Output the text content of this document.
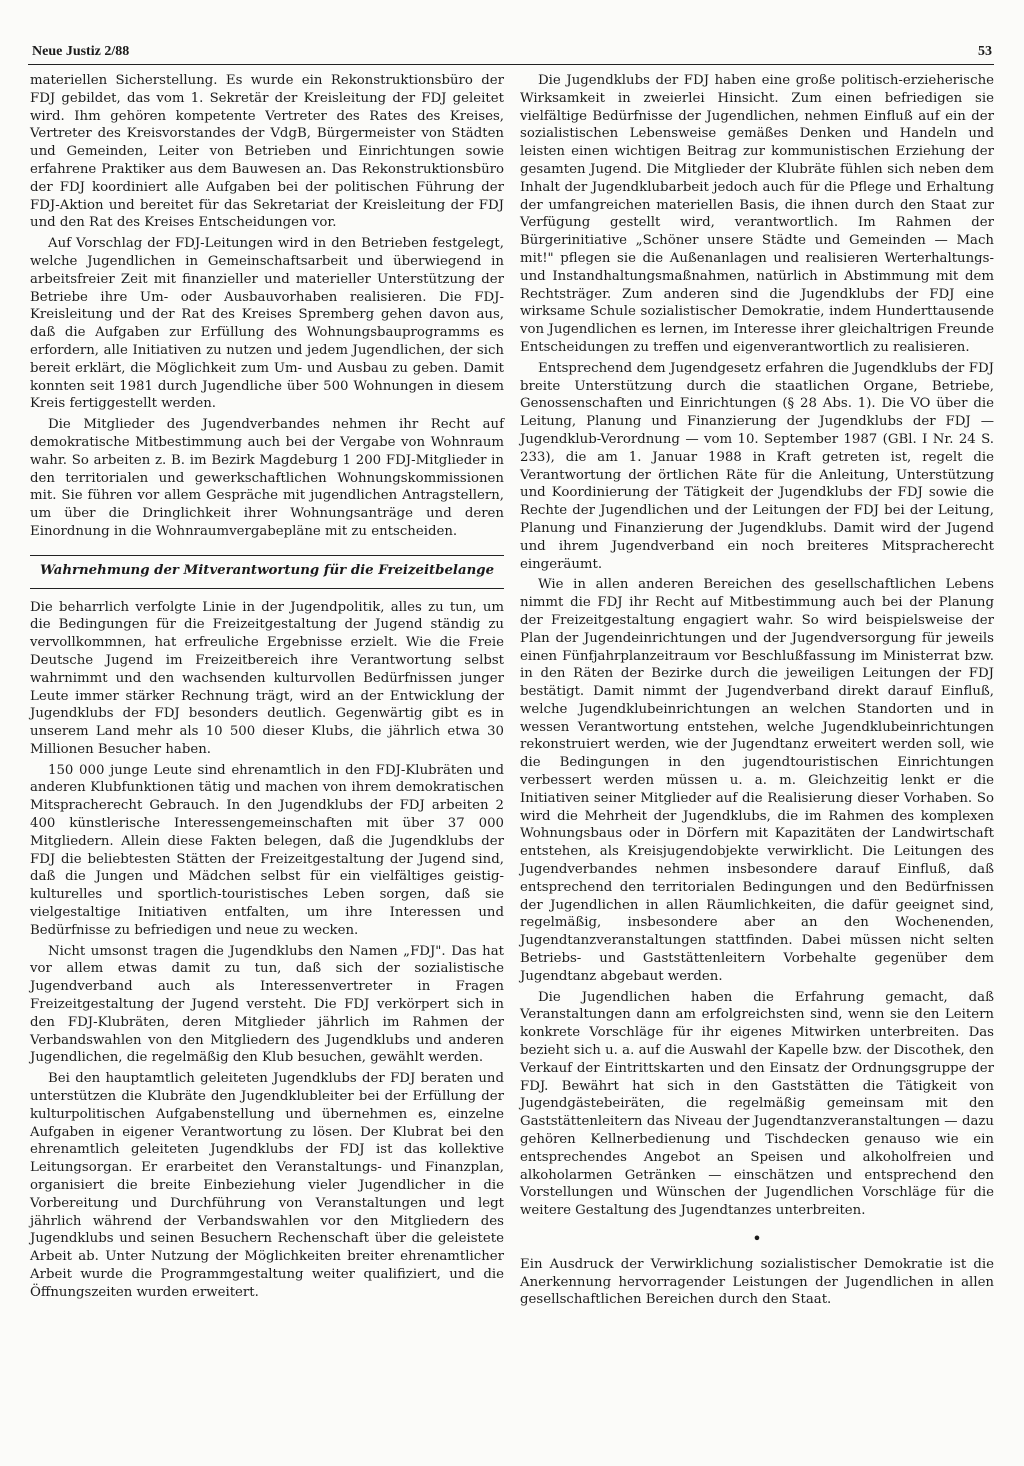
Neue Justiz 2/88	53

materiellen Sicherstellung. Es wurde ein Rekonstruktionsbüro der FDJ gebildet, das vom 1. Sekretär der Kreisleitung der FDJ geleitet wird. Ihm gehören kompetente Vertreter des Rates des Kreises, Vertreter des Kreisvorstandes der VdgB, Bürgermeister von Städten und Gemeinden, Leiter von Betrieben und Einrichtungen sowie erfahrene Praktiker aus dem Bauwesen an. Das Rekonstruktionsbüro der FDJ koordiniert alle Aufgaben bei der politischen Führung der FDJ-Aktion und bereitet für das Sekretariat der Kreisleitung der FDJ und den Rat des Kreises Entscheidungen vor.

Auf Vorschlag der FDJ-Leitungen wird in den Betrieben festgelegt, welche Jugendlichen in Gemeinschaftsarbeit und überwiegend in arbeitsfreier Zeit mit finanzieller und materieller Unterstützung der Betriebe ihre Um- oder Ausbauvorhaben realisieren. Die FDJ-Kreisleitung und der Rat des Kreises Spremberg gehen davon aus, daß die Aufgaben zur Erfüllung des Wohnungsbauprogramms es erfordern, alle Initiativen zu nutzen und jedem Jugendlichen, der sich bereit erklärt, die Möglichkeit zum Um- und Ausbau zu geben. Damit konnten seit 1981 durch Jugendliche über 500 Wohnungen in diesem Kreis fertiggestellt werden.

Die Mitglieder des Jugendverbandes nehmen ihr Recht auf demokratische Mitbestimmung auch bei der Vergabe von Wohnraum wahr. So arbeiten z. B. im Bezirk Magdeburg 1 200 FDJ-Mitglieder in den territorialen und gewerkschaftlichen Wohnungskommissionen mit. Sie führen vor allem Gespräche mit jugendlichen Antragstellern, um über die Dringlichkeit ihrer Wohnungsanträge und deren Einordnung in die Wohnraumvergabepläne mit zu entscheiden.

Wahrnehmung der Mitverantwortung für die Freizeitbelange

Die beharrlich verfolgte Linie in der Jugendpolitik, alles zu tun, um die Bedingungen für die Freizeitgestaltung der Jugend ständig zu vervollkommnen, hat erfreuliche Ergebnisse erzielt. Wie die Freie Deutsche Jugend im Freizeitbereich ihre Verantwortung selbst wahrnimmt und den wachsenden kulturvollen Bedürfnissen junger Leute immer stärker Rechnung trägt, wird an der Entwicklung der Jugendklubs der FDJ besonders deutlich. Gegenwärtig gibt es in unserem Land mehr als 10 500 dieser Klubs, die jährlich etwa 30 Millionen Besucher haben.

150 000 junge Leute sind ehrenamtlich in den FDJ-Klubräten und anderen Klubfunktionen tätig und machen von ihrem demokratischen Mitspracherecht Gebrauch. In den Jugendklubs der FDJ arbeiten 2 400 künstlerische Interessengemeinschaften mit über 37 000 Mitgliedern. Allein diese Fakten belegen, daß die Jugendklubs der FDJ die beliebtesten Stätten der Freizeitgestaltung der Jugend sind, daß die Jungen und Mädchen selbst für ein vielfältiges geistig-kulturelles und sportlich-touristisches Leben sorgen, daß sie vielgestaltige Initiativen entfalten, um ihre Interessen und Bedürfnisse zu befriedigen und neue zu wecken.

Nicht umsonst tragen die Jugendklubs den Namen „FDJ". Das hat vor allem etwas damit zu tun, daß sich der sozialistische Jugendverband auch als Interessenvertreter in Fragen Freizeitgestaltung der Jugend versteht. Die FDJ verkörpert sich in den FDJ-Klubräten, deren Mitglieder jährlich im Rahmen der Verbandswahlen von den Mitgliedern des Jugendklubs und anderen Jugendlichen, die regelmäßig den Klub besuchen, gewählt werden.

Bei den hauptamtlich geleiteten Jugendklubs der FDJ beraten und unterstützen die Klubräte den Jugendklubleiter bei der Erfüllung der kulturpolitischen Aufgabenstellung und übernehmen es, einzelne Aufgaben in eigener Verantwortung zu lösen. Der Klubrat bei den ehrenamtlich geleiteten Jugendklubs der FDJ ist das kollektive Leitungsorgan. Er erarbeitet den Veranstaltungs- und Finanzplan, organisiert die breite Einbeziehung vieler Jugendlicher in die Vorbereitung und Durchführung von Veranstaltungen und legt jährlich während der Verbandswahlen vor den Mitgliedern des Jugendklubs und seinen Besuchern Rechenschaft über die geleistete Arbeit ab. Unter Nutzung der Möglichkeiten breiter ehrenamtlicher Arbeit wurde die Programmgestaltung weiter qualifiziert, und die Öffnungszeiten wurden erweitert.

Die Jugendklubs der FDJ haben eine große politisch-erzieherische Wirksamkeit in zweierlei Hinsicht. Zum einen befriedigen sie vielfältige Bedürfnisse der Jugendlichen, nehmen Einfluß auf ein der sozialistischen Lebensweise gemäßes Denken und Handeln und leisten einen wichtigen Beitrag zur kommunistischen Erziehung der gesamten Jugend. Die Mitglieder der Klubräte fühlen sich neben dem Inhalt der Jugendklubarbeit jedoch auch für die Pflege und Erhaltung der umfangreichen materiellen Basis, die ihnen durch den Staat zur Verfügung gestellt wird, verantwortlich. Im Rahmen der Bürgerinitiative „Schöner unsere Städte und Gemeinden — Mach mit!" pflegen sie die Außenanlagen und realisieren Werterhaltungs- und Instandhaltungsmaßnahmen, natürlich in Abstimmung mit dem Rechtsträger. Zum anderen sind die Jugendklubs der FDJ eine wirksame Schule sozialistischer Demokratie, indem Hunderttausende von Jugendlichen es lernen, im Interesse ihrer gleichaltrigen Freunde Entscheidungen zu treffen und eigenverantwortlich zu realisieren.

Entsprechend dem Jugendgesetz erfahren die Jugendklubs der FDJ breite Unterstützung durch die staatlichen Organe, Betriebe, Genossenschaften und Einrichtungen (§ 28 Abs. 1). Die VO über die Leitung, Planung und Finanzierung der Jugendklubs der FDJ — Jugendklub-Verordnung — vom 10. September 1987 (GBl. I Nr. 24 S. 233), die am 1. Januar 1988 in Kraft getreten ist, regelt die Verantwortung der örtlichen Räte für die Anleitung, Unterstützung und Koordinierung der Tätigkeit der Jugendklubs der FDJ sowie die Rechte der Jugendlichen und der Leitungen der FDJ bei der Leitung, Planung und Finanzierung der Jugendklubs. Damit wird der Jugend und ihrem Jugendverband ein noch breiteres Mitspracherecht eingeräumt.

Wie in allen anderen Bereichen des gesellschaftlichen Lebens nimmt die FDJ ihr Recht auf Mitbestimmung auch bei der Planung der Freizeitgestaltung engagiert wahr. So wird beispielsweise der Plan der Jugendeinrichtungen und der Jugendversorgung für jeweils einen Fünfjahrplanzeitraum vor Beschlußfassung im Ministerrat bzw. in den Räten der Bezirke durch die jeweiligen Leitungen der FDJ bestätigt. Damit nimmt der Jugendverband direkt darauf Einfluß, welche Jugendklubeinrichtungen an welchen Standorten und in wessen Verantwortung entstehen, welche Jugendklubeinrichtungen rekonstruiert werden, wie der Jugendtanz erweitert werden soll, wie die Bedingungen in den jugendtouristischen Einrichtungen verbessert werden müssen u. a. m. Gleichzeitig lenkt er die Initiativen seiner Mitglieder auf die Realisierung dieser Vorhaben. So wird die Mehrheit der Jugendklubs, die im Rahmen des komplexen Wohnungsbaus oder in Dörfern mit Kapazitäten der Landwirtschaft entstehen, als Kreisjugendobjekte verwirklicht. Die Leitungen des Jugendverbandes nehmen insbesondere darauf Einfluß, daß entsprechend den territorialen Bedingungen und den Bedürfnissen der Jugendlichen in allen Räumlichkeiten, die dafür geeignet sind, regelmäßig, insbesondere aber an den Wochenenden, Jugendtanzveranstaltungen stattfinden. Dabei müssen nicht selten Betriebs- und Gaststättenleitern Vorbehalte gegenüber dem Jugendtanz abgebaut werden.

Die Jugendlichen haben die Erfahrung gemacht, daß Veranstaltungen dann am erfolgreichsten sind, wenn sie den Leitern konkrete Vorschläge für ihr eigenes Mitwirken unterbreiten. Das bezieht sich u. a. auf die Auswahl der Kapelle bzw. der Discothek, den Verkauf der Eintrittskarten und den Einsatz der Ordnungsgruppe der FDJ. Bewährt hat sich in den Gaststätten die Tätigkeit von Jugendgästebeiräten, die regelmäßig gemeinsam mit den Gaststättenleitern das Niveau der Jugendtanzveranstaltungen — dazu gehören Kellnerbedienung und Tischdecken genauso wie ein entsprechendes Angebot an Speisen und alkoholfreien und alkoholarmen Getränken — einschätzen und entsprechend den Vorstellungen und Wünschen der Jugendlichen Vorschläge für die weitere Gestaltung des Jugendtanzes unterbreiten.

•

Ein Ausdruck der Verwirklichung sozialistischer Demokratie ist die Anerkennung hervorragender Leistungen der Jugendlichen in allen gesellschaftlichen Bereichen durch den Staat.
